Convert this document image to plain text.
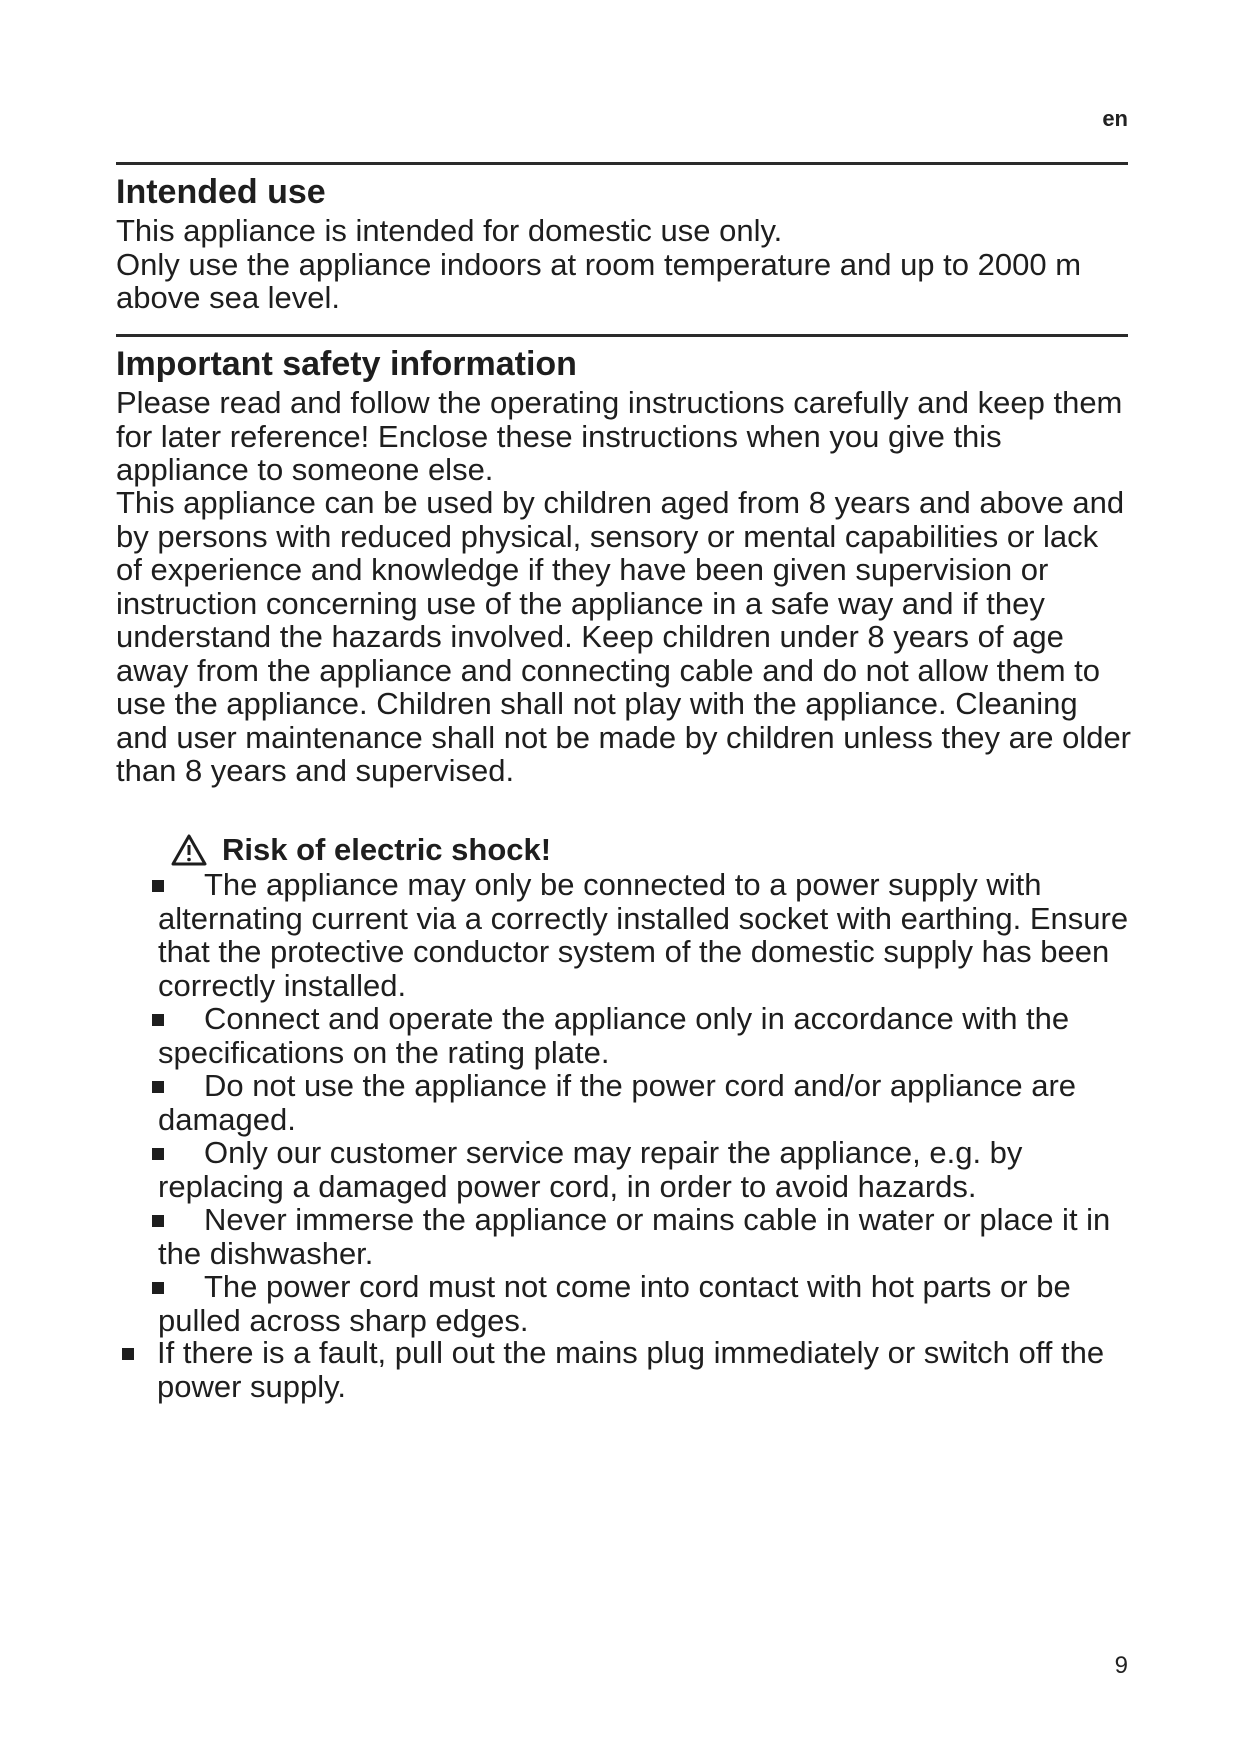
en
Intended use

This appliance is intended for domestic use only.
Only use the appliance indoors at room temperature and up to 2000 m above sea level.

Important safety information

Please read and follow the operating instructions carefully and keep them for later reference! Enclose these instructions when you give this appliance to someone else.

This appliance can be used by children aged from 8 years and above and by persons with reduced physical, sensory or mental capabilities or lack of experience and knowledge if they have been given supervision or instruction concerning use of the appliance in a safe way and if they understand the hazards involved. Keep children under 8 years of age away from the appliance and connecting cable and do not allow them to use the appliance. Children shall not play with the appliance. Cleaning and user maintenance shall not be made by children unless they are older than 8 years and supervised.

Risk of electric shock!
The appliance may only be connected to a power supply with alternating current via a correctly installed socket with earthing. Ensure that the protective conductor system of the domestic supply has been correctly installed.
Connect and operate the appliance only in accordance with the specifications on the rating plate.
Do not use the appliance if the power cord and/or appliance are damaged.
Only our customer service may repair the appliance, e.g. by replacing a damaged power cord, in order to avoid hazards.
Never immerse the appliance or mains cable in water or place it in the dishwasher.
The power cord must not come into contact with hot parts or be pulled across sharp edges.
If there is a fault, pull out the mains plug immediately or switch off the power supply.
9
